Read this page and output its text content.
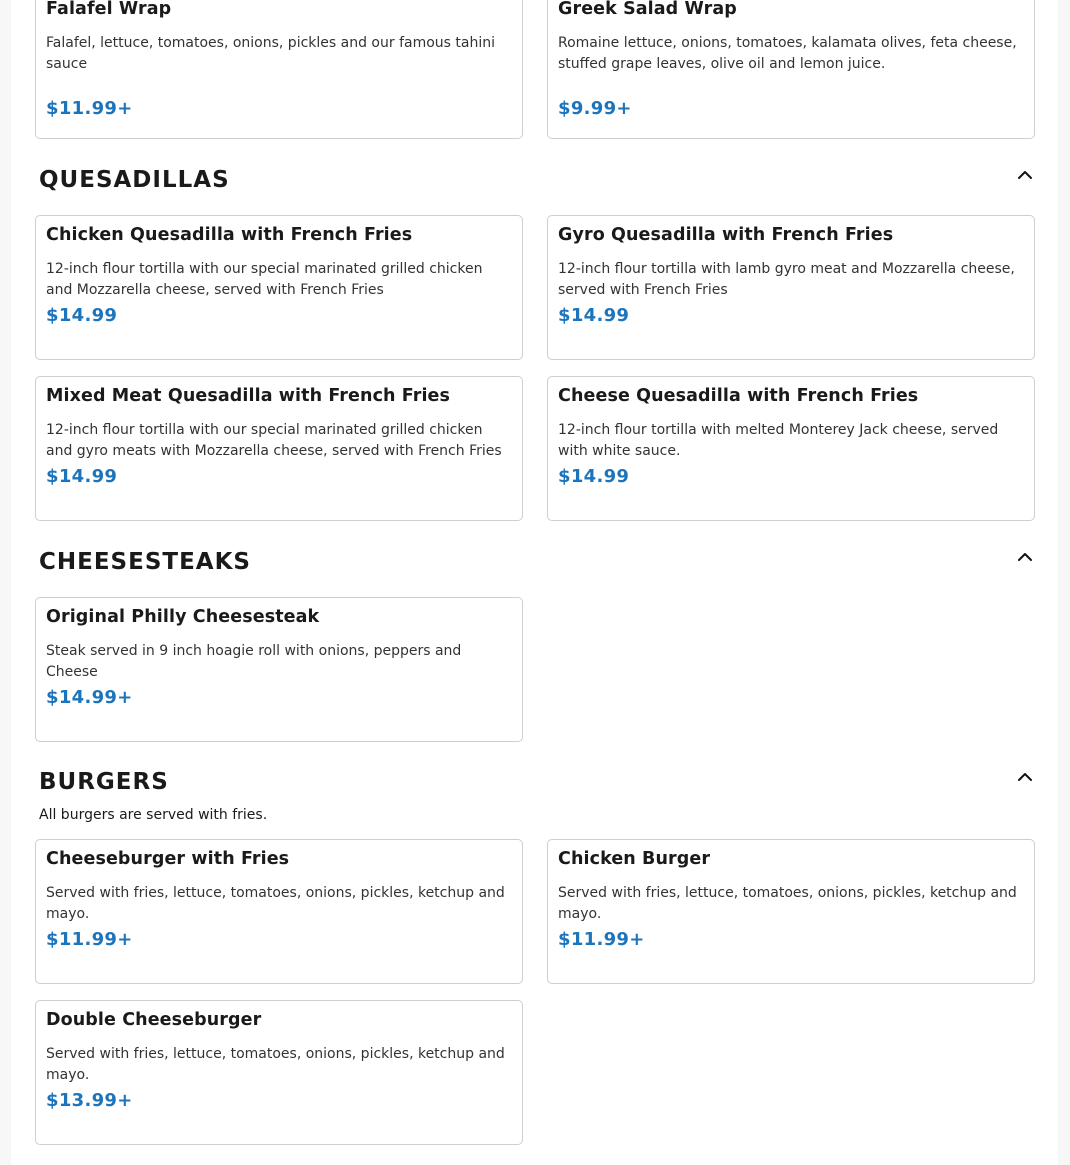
Falafel Wrap
Falafel, lettuce, tomatoes, onions, pickles and our famous tahini sauce
$11.99+
Greek Salad Wrap
Romaine lettuce, onions, tomatoes, kalamata olives, feta cheese, stuffed grape leaves, olive oil and lemon juice.
$9.99+
QUESADILLAS
Chicken Quesadilla with French Fries
12-inch flour tortilla with our special marinated grilled chicken and Mozzarella cheese, served with French Fries
$14.99
Gyro Quesadilla with French Fries
12-inch flour tortilla with lamb gyro meat and Mozzarella cheese, served with French Fries
$14.99
Mixed Meat Quesadilla with French Fries
12-inch flour tortilla with our special marinated grilled chicken and gyro meats with Mozzarella cheese, served with French Fries
$14.99
Cheese Quesadilla with French Fries
12-inch flour tortilla with melted Monterey Jack cheese, served with white sauce.
$14.99
CHEESESTEAKS
Original Philly Cheesesteak
Steak served in 9 inch hoagie roll with onions, peppers and Cheese
$14.99+
BURGERS
All burgers are served with fries.
Cheeseburger with Fries
Served with fries, lettuce, tomatoes, onions, pickles, ketchup and mayo.
$11.99+
Chicken Burger
Served with fries, lettuce, tomatoes, onions, pickles, ketchup and mayo.
$11.99+
Double Cheeseburger
Served with fries, lettuce, tomatoes, onions, pickles, ketchup and mayo.
$13.99+
